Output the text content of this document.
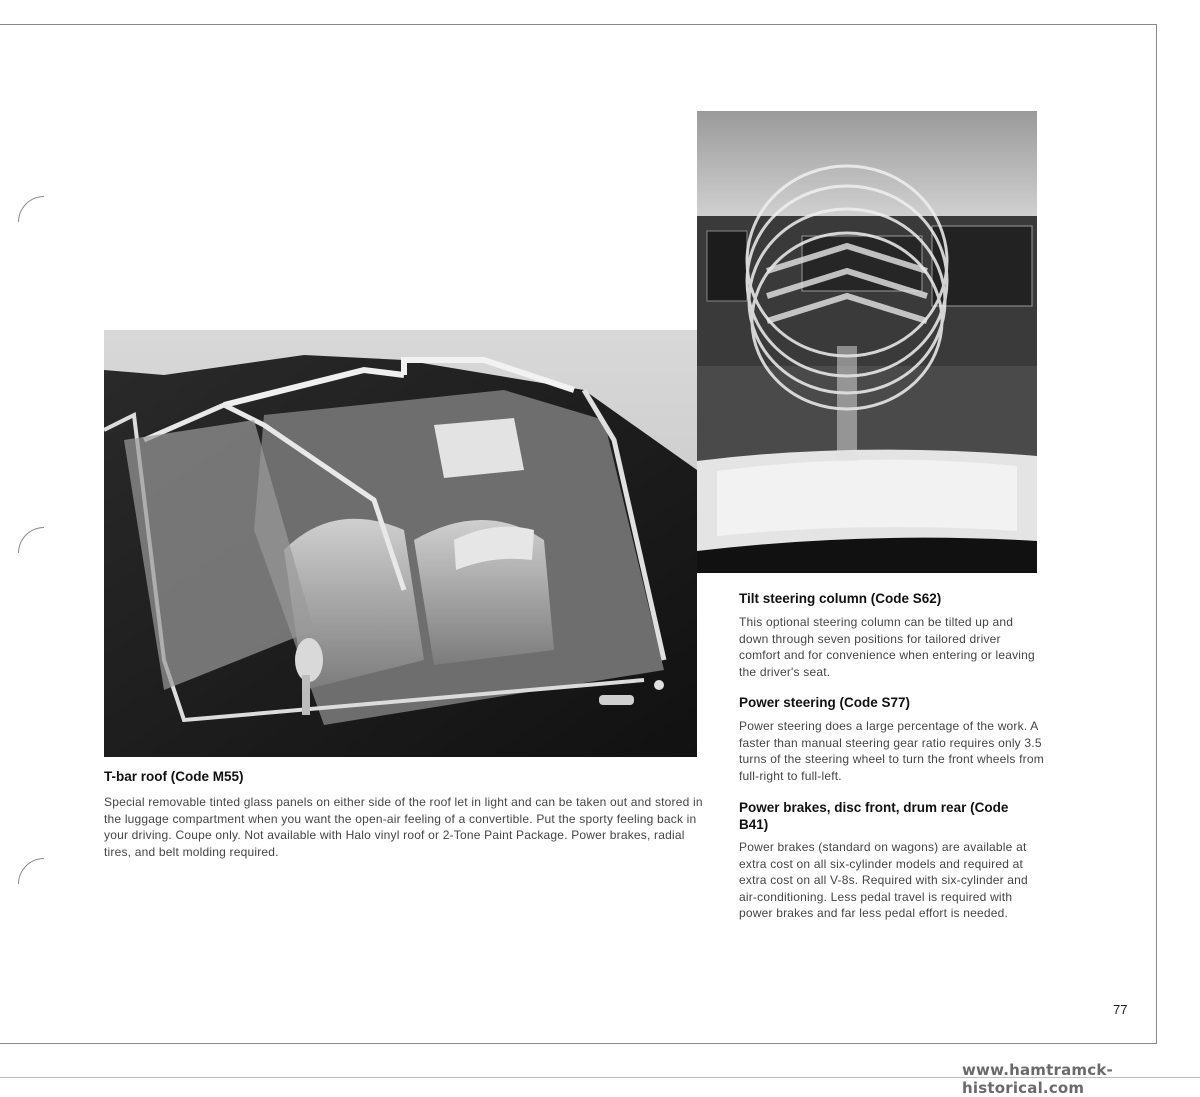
T-bar roof (Code M55)

Special removable tinted glass panels on either side of the roof let in light and can be taken out and stored in the luggage compartment when you want the open-air feeling of a convertible. Put the sporty feeling back in your driving. Coupe only. Not available with Halo vinyl roof or 2-Tone Paint Package. Power brakes, radial tires, and belt molding required.

Tilt steering column (Code S62)

This optional steering column can be tilted up and down through seven positions for tailored driver comfort and for convenience when entering or leaving the driver's seat.

Power steering (Code S77)

Power steering does a large percentage of the work. A faster than manual steering gear ratio requires only 3.5 turns of the steering wheel to turn the front wheels from full-right to full-left.

Power brakes, disc front, drum rear (Code B41)

Power brakes (standard on wagons) are available at extra cost on all six-cylinder models and required at extra cost on all V-8s. Required with six-cylinder and air-conditioning. Less pedal travel is required with power brakes and far less pedal effort is needed.

77
www.hamtramck-historical.com
